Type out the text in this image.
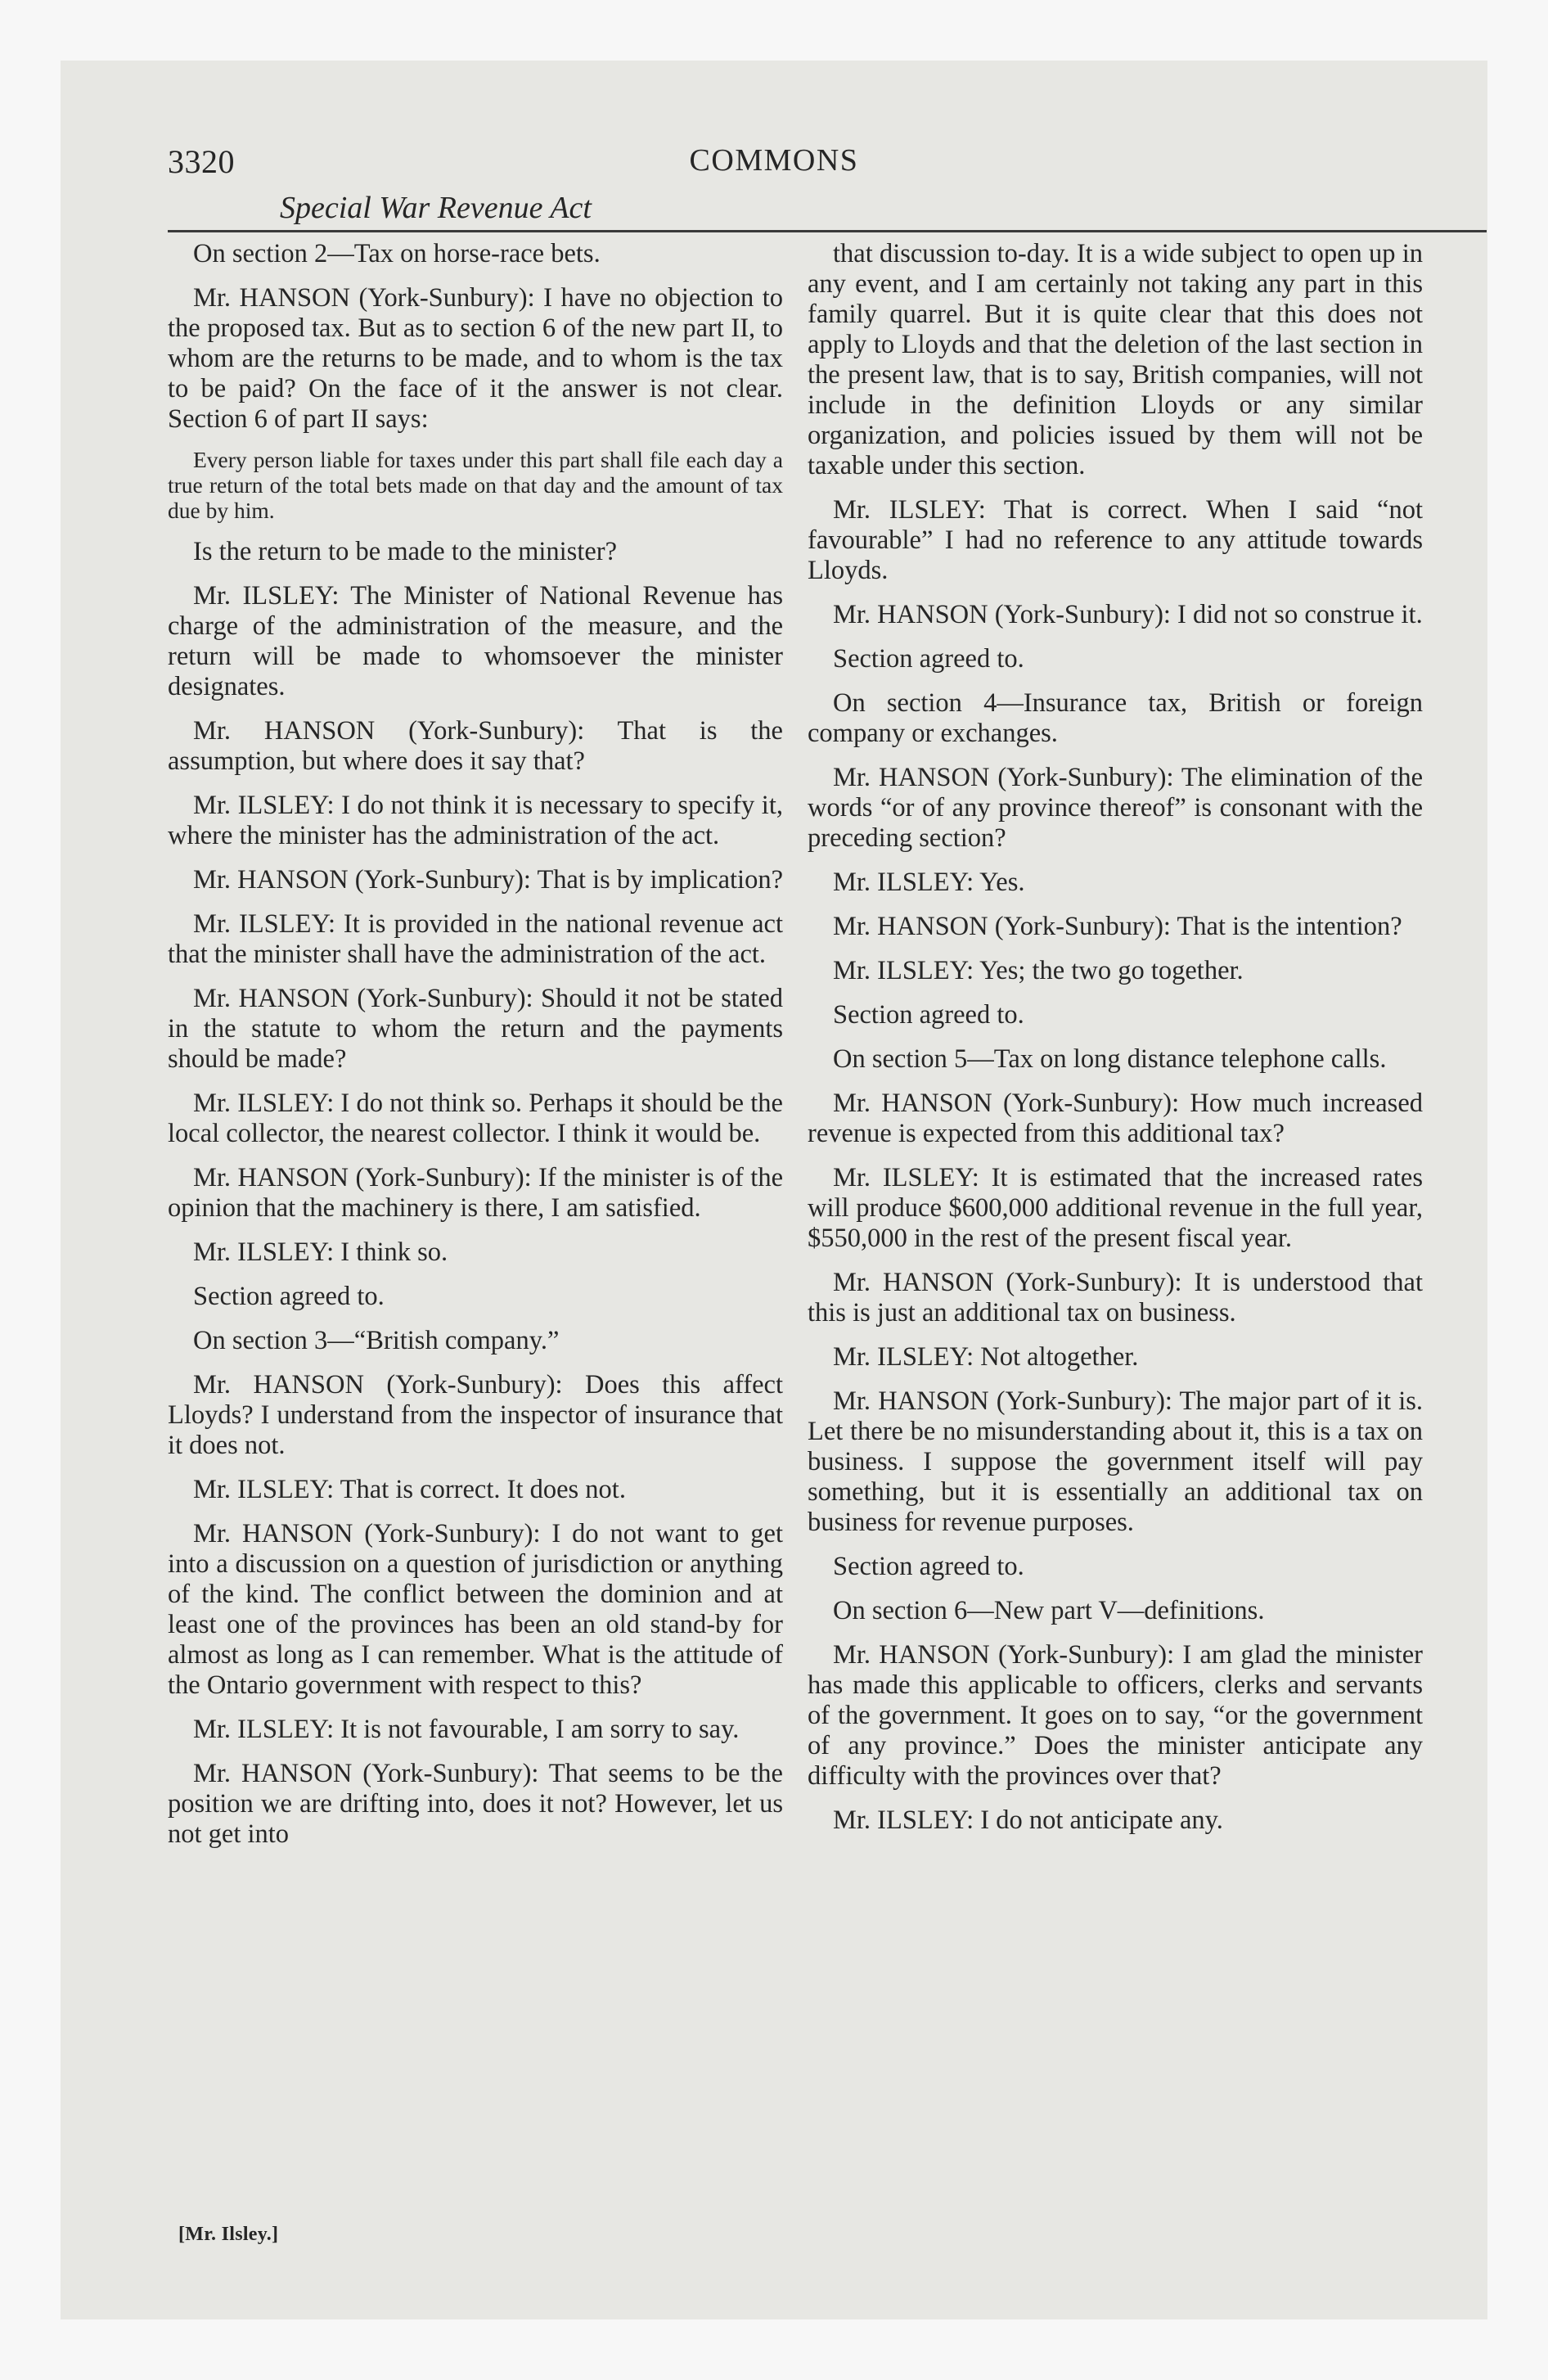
3320	COMMONS
Special War Revenue Act

On section 2—Tax on horse-race bets.

Mr. HANSON (York-Sunbury): I have no objection to the proposed tax. But as to section 6 of the new part II, to whom are the returns to be made, and to whom is the tax to be paid? On the face of it the answer is not clear. Section 6 of part II says:

Every person liable for taxes under this part shall file each day a true return of the total bets made on that day and the amount of tax due by him.

Is the return to be made to the minister?

Mr. ILSLEY: The Minister of National Revenue has charge of the administration of the measure, and the return will be made to whomsoever the minister designates.

Mr. HANSON (York-Sunbury): That is the assumption, but where does it say that?

Mr. ILSLEY: I do not think it is necessary to specify it, where the minister has the administration of the act.

Mr. HANSON (York-Sunbury): That is by implication?

Mr. ILSLEY: It is provided in the national revenue act that the minister shall have the administration of the act.

Mr. HANSON (York-Sunbury): Should it not be stated in the statute to whom the return and the payments should be made?

Mr. ILSLEY: I do not think so. Perhaps it should be the local collector, the nearest collector. I think it would be.

Mr. HANSON (York-Sunbury): If the minister is of the opinion that the machinery is there, I am satisfied.

Mr. ILSLEY: I think so.

Section agreed to.

On section 3—“British company.”

Mr. HANSON (York-Sunbury): Does this affect Lloyds? I understand from the inspector of insurance that it does not.

Mr. ILSLEY: That is correct. It does not.

Mr. HANSON (York-Sunbury): I do not want to get into a discussion on a question of jurisdiction or anything of the kind. The conflict between the dominion and at least one of the provinces has been an old stand-by for almost as long as I can remember. What is the attitude of the Ontario government with respect to this?

Mr. ILSLEY: It is not favourable, I am sorry to say.

Mr. HANSON (York-Sunbury): That seems to be the position we are drifting into, does it not? However, let us not get into

that discussion to-day. It is a wide subject to open up in any event, and I am certainly not taking any part in this family quarrel. But it is quite clear that this does not apply to Lloyds and that the deletion of the last section in the present law, that is to say, British companies, will not include in the definition Lloyds or any similar organization, and policies issued by them will not be taxable under this section.

Mr. ILSLEY: That is correct. When I said “not favourable” I had no reference to any attitude towards Lloyds.

Mr. HANSON (York-Sunbury): I did not so construe it.

Section agreed to.

On section 4—Insurance tax, British or foreign company or exchanges.

Mr. HANSON (York-Sunbury): The elimination of the words “or of any province thereof” is consonant with the preceding section?

Mr. ILSLEY: Yes.

Mr. HANSON (York-Sunbury): That is the intention?

Mr. ILSLEY: Yes; the two go together.

Section agreed to.

On section 5—Tax on long distance telephone calls.

Mr. HANSON (York-Sunbury): How much increased revenue is expected from this additional tax?

Mr. ILSLEY: It is estimated that the increased rates will produce $600,000 additional revenue in the full year, $550,000 in the rest of the present fiscal year.

Mr. HANSON (York-Sunbury): It is understood that this is just an additional tax on business.

Mr. ILSLEY: Not altogether.

Mr. HANSON (York-Sunbury): The major part of it is. Let there be no misunderstanding about it, this is a tax on business. I suppose the government itself will pay something, but it is essentially an additional tax on business for revenue purposes.

Section agreed to.

On section 6—New part V—definitions.

Mr. HANSON (York-Sunbury): I am glad the minister has made this applicable to officers, clerks and servants of the government. It goes on to say, “or the government of any province.” Does the minister anticipate any difficulty with the provinces over that?

Mr. ILSLEY: I do not anticipate any.

[Mr. Ilsley.]
